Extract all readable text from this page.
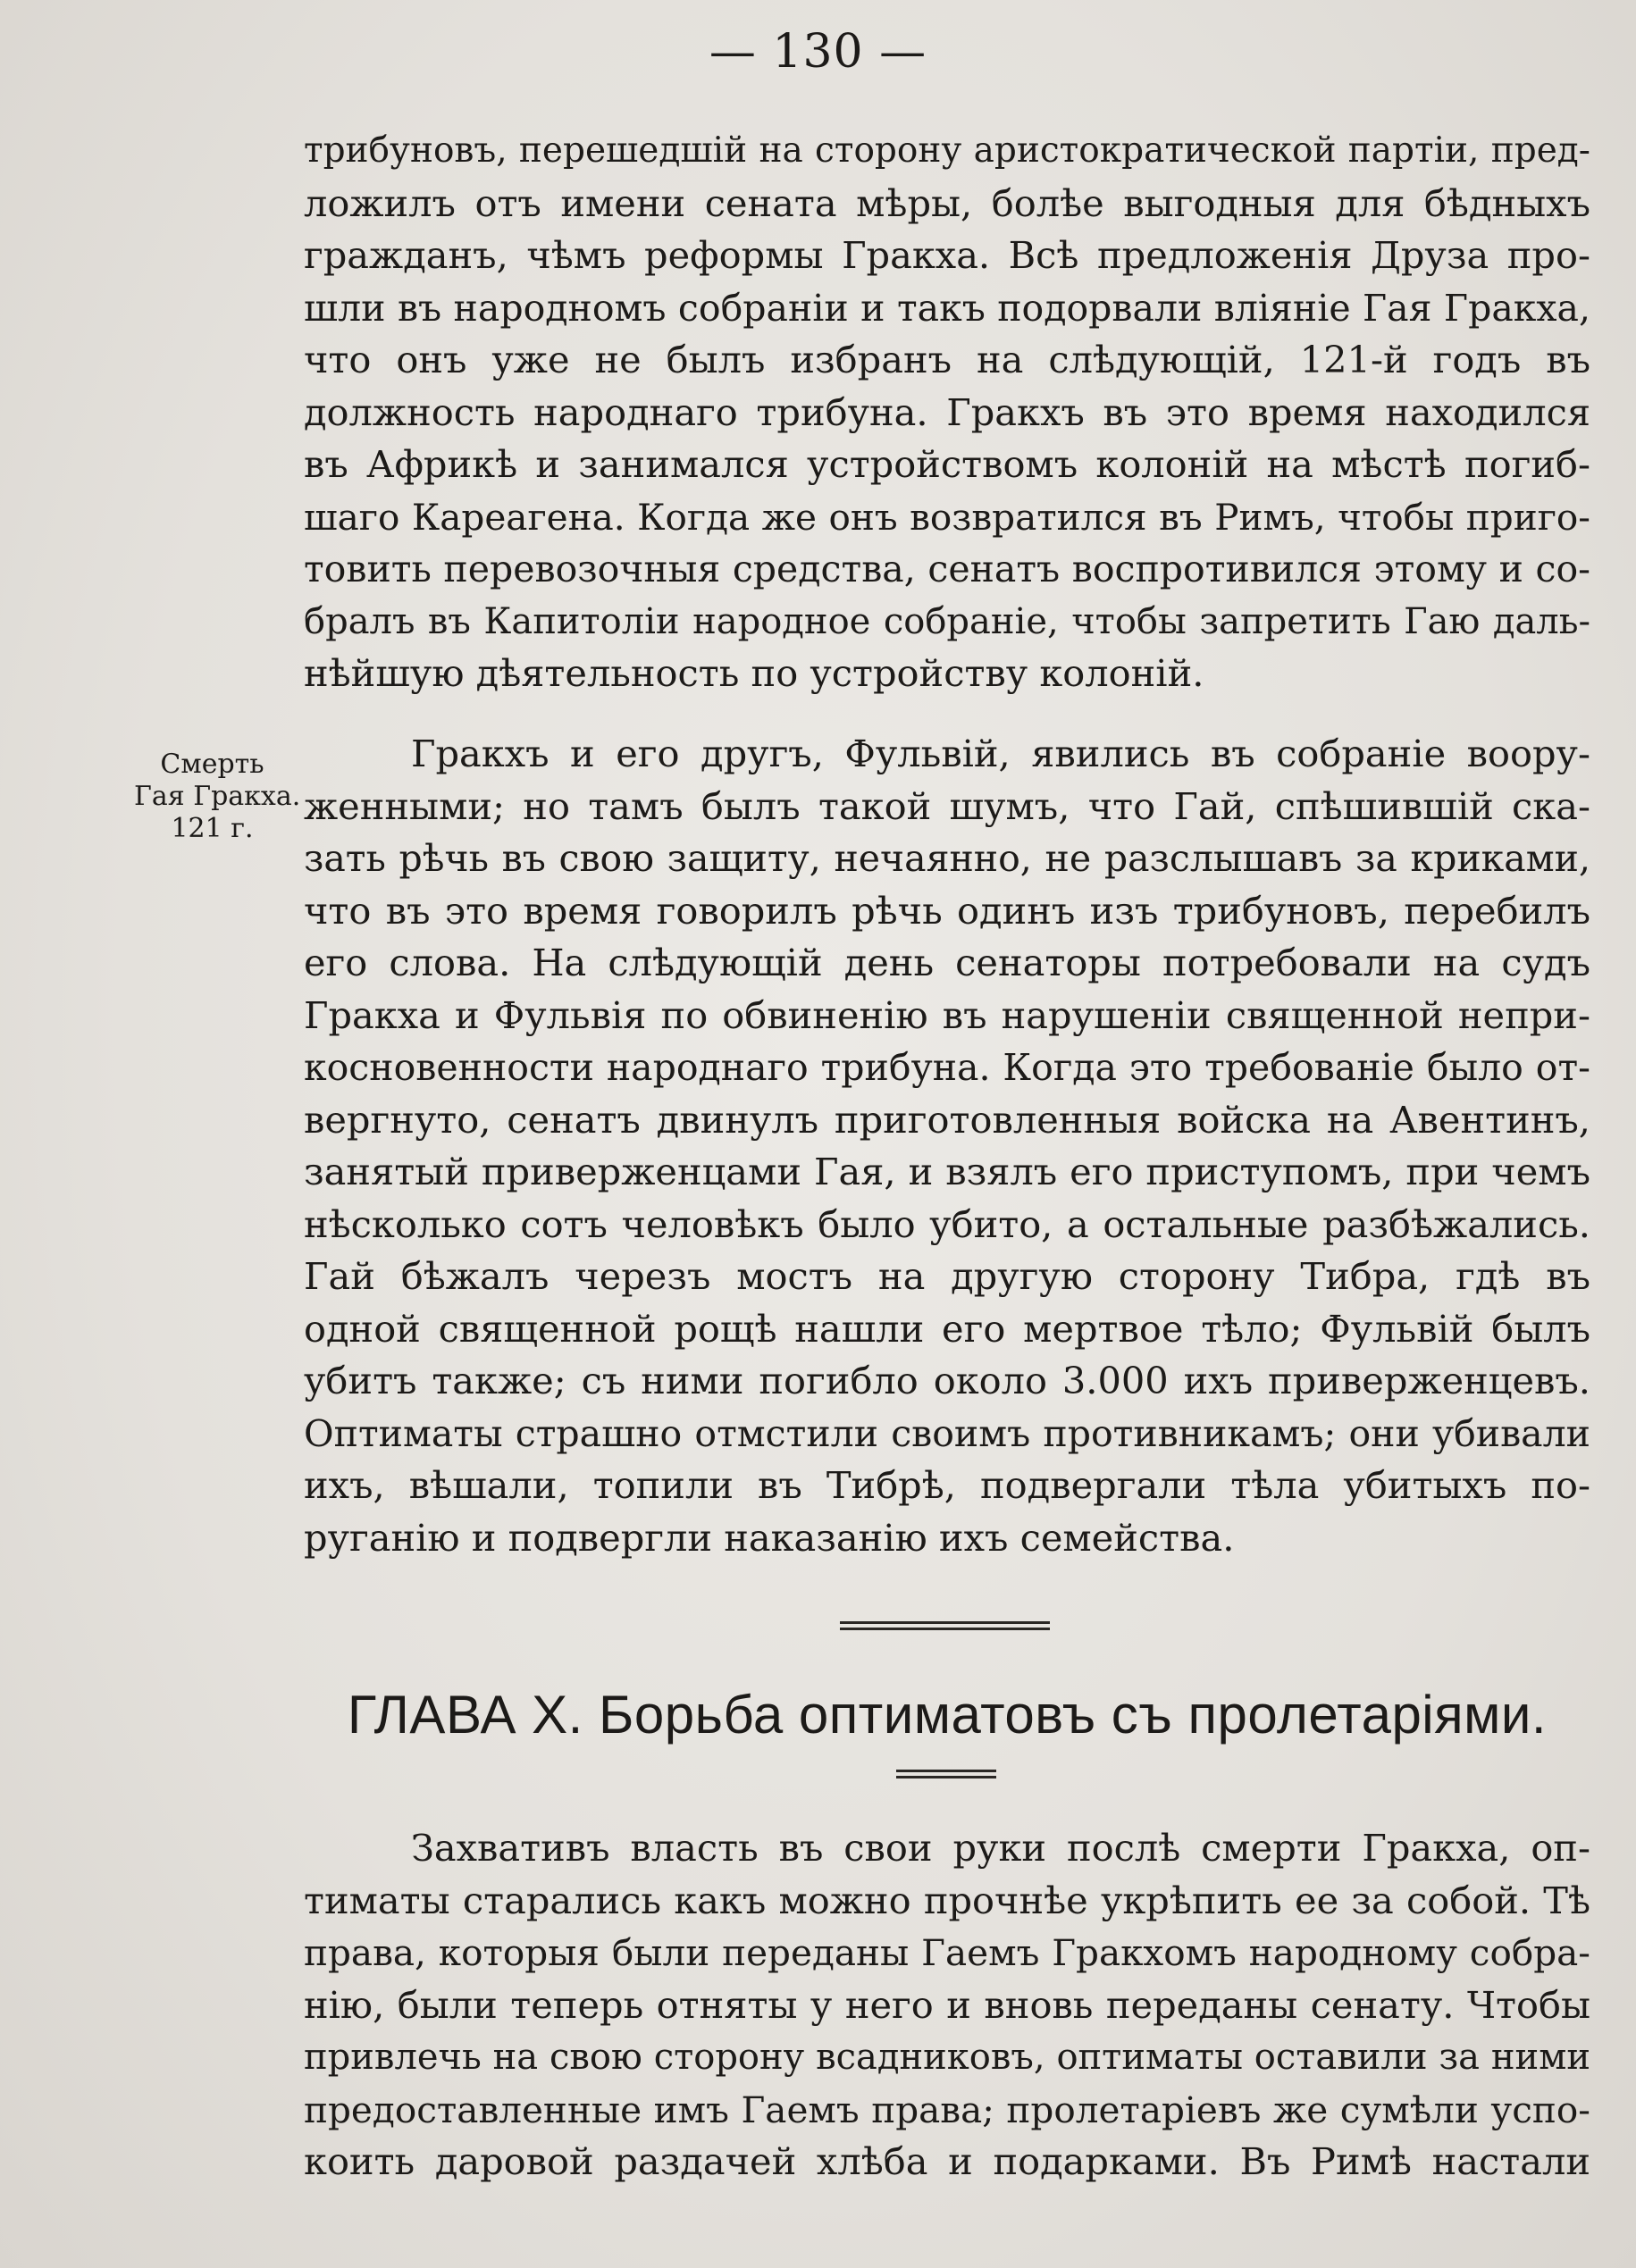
— 130 —
трибуновъ, перешедшій на сторону аристократической партіи, пред-
ложилъ отъ имени сената мѣры, болѣе выгодныя для бѣдныхъ
гражданъ, чѣмъ реформы Гракха. Всѣ предложенія Друза про-
шли въ народномъ собраніи и такъ подорвали вліяніе Гая Гракха,
что онъ уже не былъ избранъ на слѣдующій, 121-й годъ въ
должность народнаго трибуна. Гракхъ въ это время находился
въ Африкѣ и занимался устройствомъ колоній на мѣстѣ погиб-
шаго Кареагена. Когда же онъ возвратился въ Римъ, чтобы приго-
товить перевозочныя средства, сенатъ воспротивился этому и со-
бралъ въ Капитоліи народное собраніе, чтобы запретить Гаю даль-
нѣйшую дѣятельность по устройству колоній.
Смерть
Гая Гракха.
121 г.
Гракхъ и его другъ, Фульвій, явились въ собраніе воору-
женными; но тамъ былъ такой шумъ, что Гай, спѣшившій ска-
зать рѣчь въ свою защиту, нечаянно, не разслышавъ за криками,
что въ это время говорилъ рѣчь одинъ изъ трибуновъ, перебилъ
его слова. На слѣдующій день сенаторы потребовали на судъ
Гракха и Фульвія по обвиненію въ нарушеніи священной непри-
косновенности народнаго трибуна. Когда это требованіе было от-
вергнуто, сенатъ двинулъ приготовленныя войска на Авентинъ,
занятый приверженцами Гая, и взялъ его приступомъ, при чемъ
нѣсколько сотъ человѣкъ было убито, а остальные разбѣжались.
Гай бѣжалъ черезъ мостъ на другую сторону Тибра, гдѣ въ
одной священной рощѣ нашли его мертвое тѣло; Фульвій былъ
убитъ также; съ ними погибло около 3.000 ихъ приверженцевъ.
Оптиматы страшно отмстили своимъ противникамъ; они убивали
ихъ, вѣшали, топили въ Тибрѣ, подвергали тѣла убитыхъ по-
руганію и подвергли наказанію ихъ семейства.
ГЛАВА X. Борьба оптиматовъ съ пролетаріями.
Захвативъ власть въ свои руки послѣ смерти Гракха, оп-
тиматы старались какъ можно прочнѣе укрѣпить ее за собой. Тѣ
права, которыя были переданы Гаемъ Гракхомъ народному собра-
нію, были теперь отняты у него и вновь переданы сенату. Чтобы
привлечь на свою сторону всадниковъ, оптиматы оставили за ними
предоставленные имъ Гаемъ права; пролетаріевъ же сумѣли успо-
коить даровой раздачей хлѣба и подарками. Въ Римѣ настали
